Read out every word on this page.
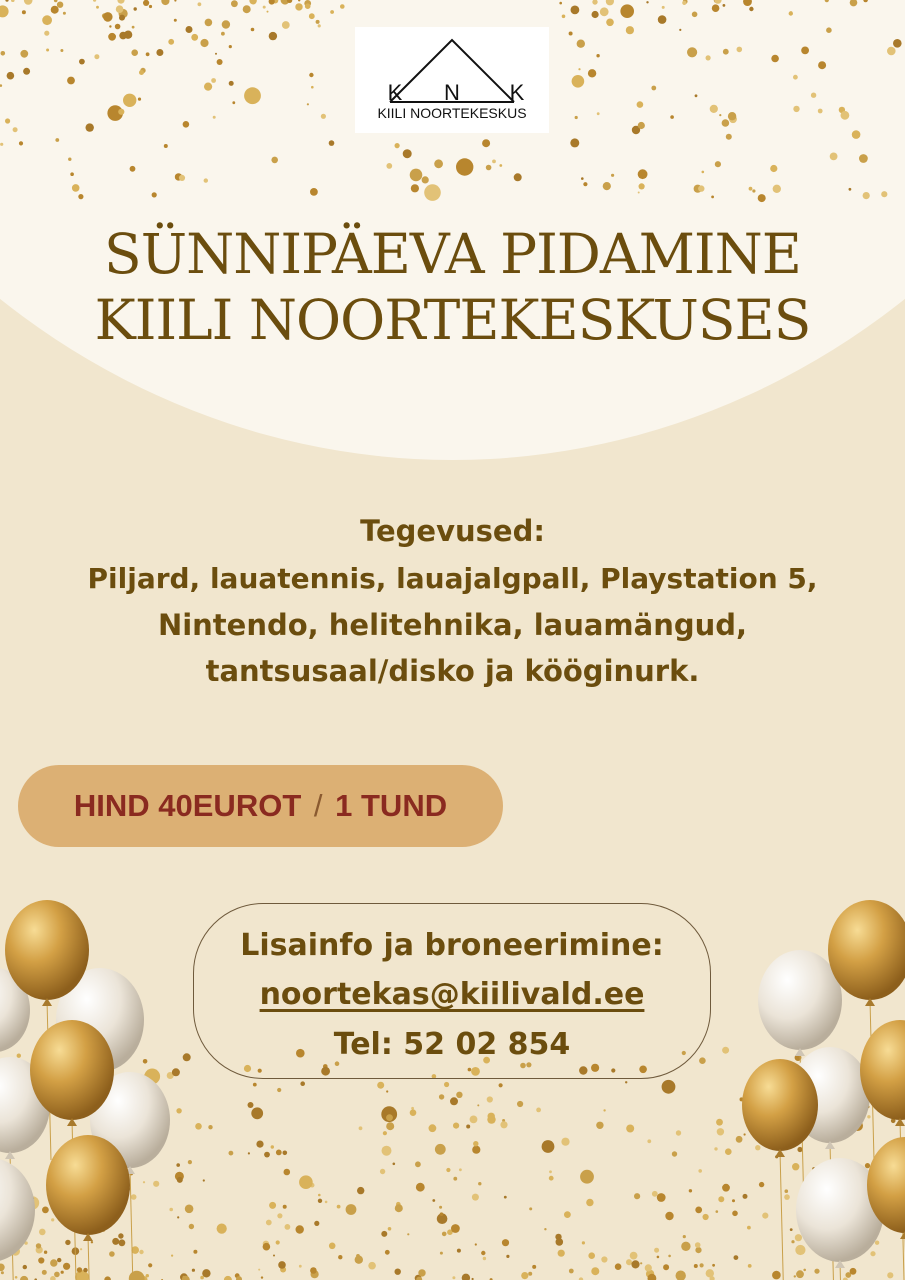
K N K
KIILI NOORTEKESKUS
SÜNNIPÄEVA PIDAMINE
KIILI NOORTEKESKUSES
Tegevused:
Piljard, lauatennis, lauajalgpall, Playstation 5,
Nintendo, helitehnika, lauamängud,
tantsusaal/disko ja kööginurk.
HIND 40EUROT / 1 TUND
Lisainfo ja broneerimine:
noortekas@kiilivald.ee
Tel: 52 02 854
